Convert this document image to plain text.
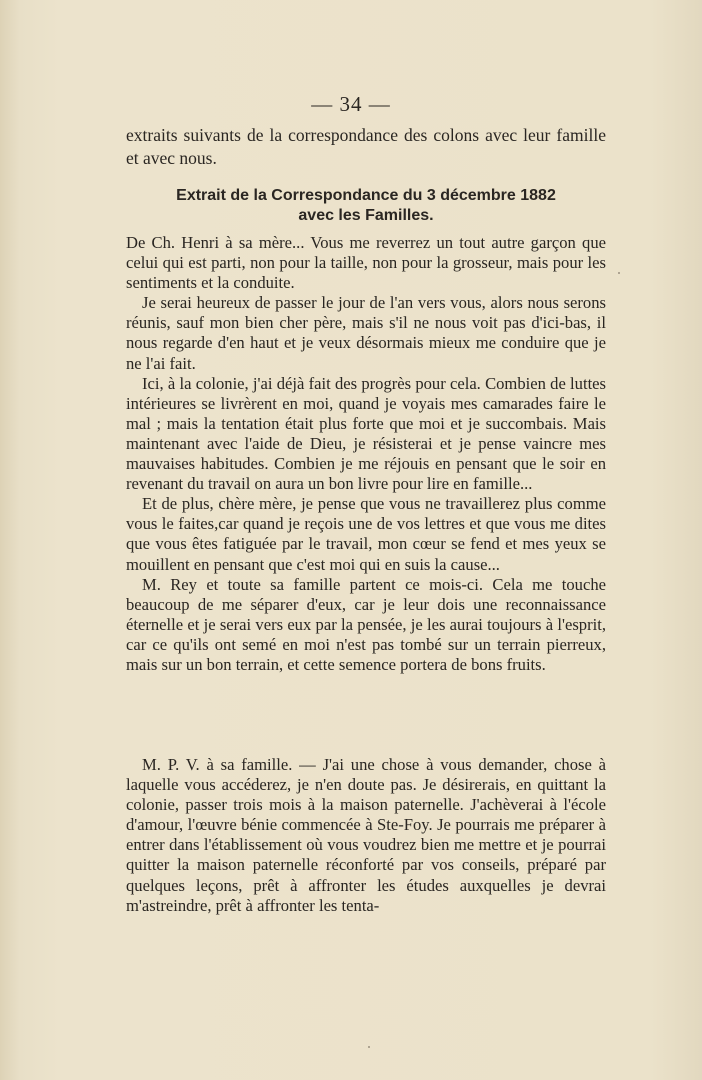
— 34 —

extraits suivants de la correspondance des colons avec leur famille et avec nous.

Extrait de la Correspondance du 3 décembre 1882
avec les Familles.

De Ch. Henri à sa mère... Vous me reverrez un tout autre garçon que celui qui est parti, non pour la taille, non pour la grosseur, mais pour les sentiments et la conduite.

Je serai heureux de passer le jour de l'an vers vous, alors nous serons réunis, sauf mon bien cher père, mais s'il ne nous voit pas d'ici-bas, il nous regarde d'en haut et je veux désormais mieux me conduire que je ne l'ai fait.

Ici, à la colonie, j'ai déjà fait des progrès pour cela. Combien de luttes intérieures se livrèrent en moi, quand je voyais mes camarades faire le mal ; mais la tentation était plus forte que moi et je succombais. Mais maintenant avec l'aide de Dieu, je résisterai et je pense vaincre mes mauvaises habitudes. Combien je me réjouis en pensant que le soir en revenant du travail on aura un bon livre pour lire en famille...

Et de plus, chère mère, je pense que vous ne travaillerez plus comme vous le faites,car quand je reçois une de vos lettres et que vous me dites que vous êtes fatiguée par le travail, mon cœur se fend et mes yeux se mouillent en pensant que c'est moi qui en suis la cause...

M. Rey et toute sa famille partent ce mois-ci. Cela me touche beaucoup de me séparer d'eux, car je leur dois une reconnaissance éternelle et je serai vers eux par la pensée, je les aurai toujours à l'esprit, car ce qu'ils ont semé en moi n'est pas tombé sur un terrain pierreux, mais sur un bon terrain, et cette semence portera de bons fruits.

M. P. V. à sa famille. — J'ai une chose à vous demander, chose à laquelle vous accéderez, je n'en doute pas. Je désirerais, en quittant la colonie, passer trois mois à la maison paternelle. J'achèverai à l'école d'amour, l'œuvre bénie commencée à Ste-Foy. Je pourrais me préparer à entrer dans l'établissement où vous voudrez bien me mettre et je pourrai quitter la maison paternelle réconforté par vos conseils, préparé par quelques leçons, prêt à affronter les études auxquelles je devrai m'astreindre, prêt à affronter les tenta-
